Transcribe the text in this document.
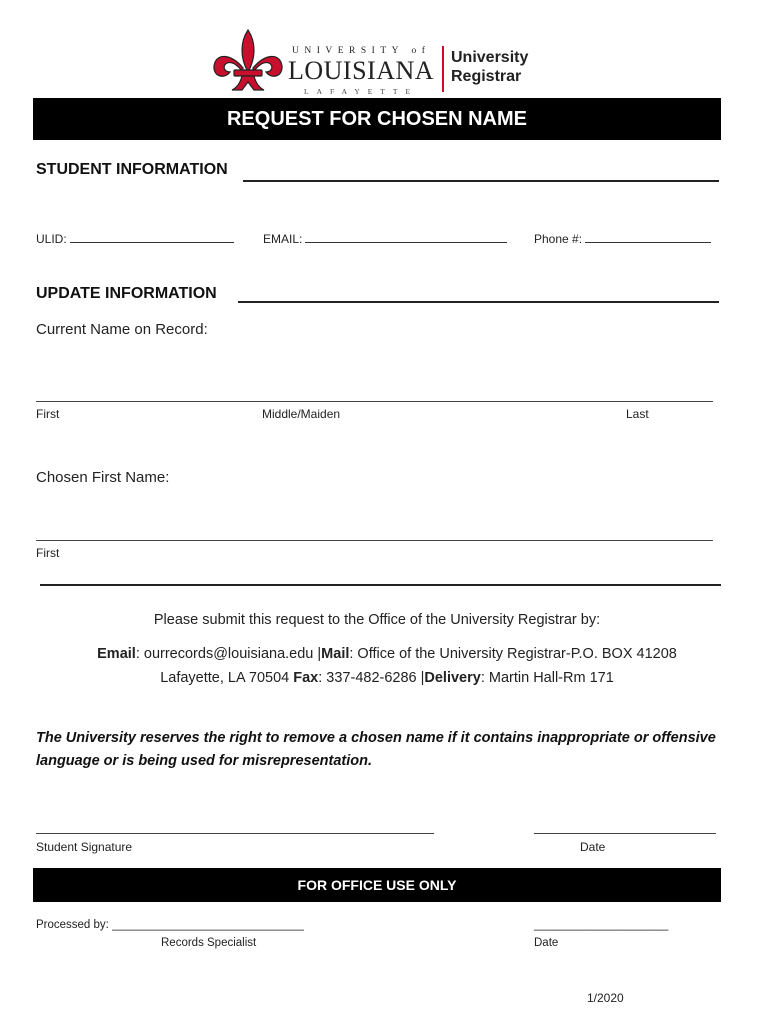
UNIVERSITY of
LOUISIANA
LAFAYETTE
University
Registrar
REQUEST FOR CHOSEN NAME
STUDENT INFORMATION
ULID:	EMAIL:	Phone #:
UPDATE INFORMATION
Current Name on Record:
First	Middle/Maiden	Last
Chosen First Name:
First
Please submit this request to the Office of the University Registrar by:
Email: ourrecords@louisiana.edu |Mail: Office of the University Registrar-P.O. BOX 41208
Lafayette, LA 70504 Fax: 337-482-6286 |Delivery: Martin Hall-Rm 171
The University reserves the right to remove a chosen name if it contains inappropriate or offensive language or is being used for misrepresentation.
Student Signature	Date
FOR OFFICE USE ONLY
Processed by: ______________________________
Records Specialist
_____________________
Date
1/2020
